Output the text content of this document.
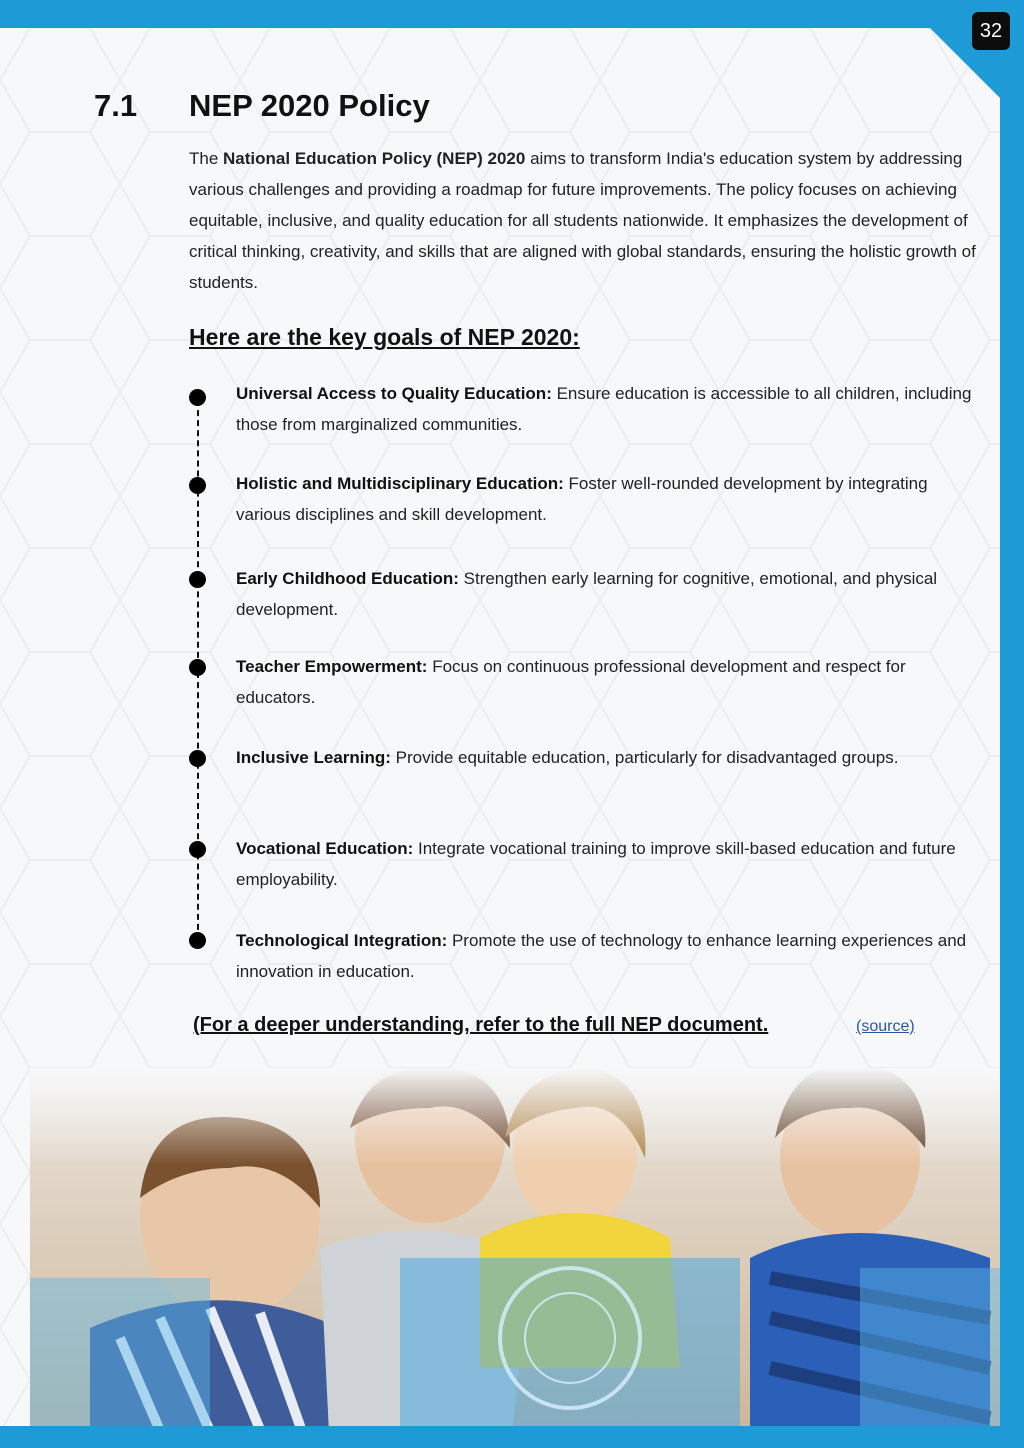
32
7.1 NEP 2020 Policy

The National Education Policy (NEP) 2020 aims to transform India's education system by addressing various challenges and providing a roadmap for future improvements. The policy focuses on achieving equitable, inclusive, and quality education for all students nationwide. It emphasizes the development of critical thinking, creativity, and skills that are aligned with global standards, ensuring the holistic growth of students.

Here are the key goals of NEP 2020:
Universal Access to Quality Education: Ensure education is accessible to all children, including those from marginalized communities.
Holistic and Multidisciplinary Education: Foster well-rounded development by integrating various disciplines and skill development.
Early Childhood Education: Strengthen early learning for cognitive, emotional, and physical development.
Teacher Empowerment: Focus on continuous professional development and respect for educators.
Inclusive Learning: Provide equitable education, particularly for disadvantaged groups.
Vocational Education: Integrate vocational training to improve skill-based education and future employability.
Technological Integration: Promote the use of technology to enhance learning experiences and innovation in education.
(For a deeper understanding, refer to the full NEP document.	(source)
